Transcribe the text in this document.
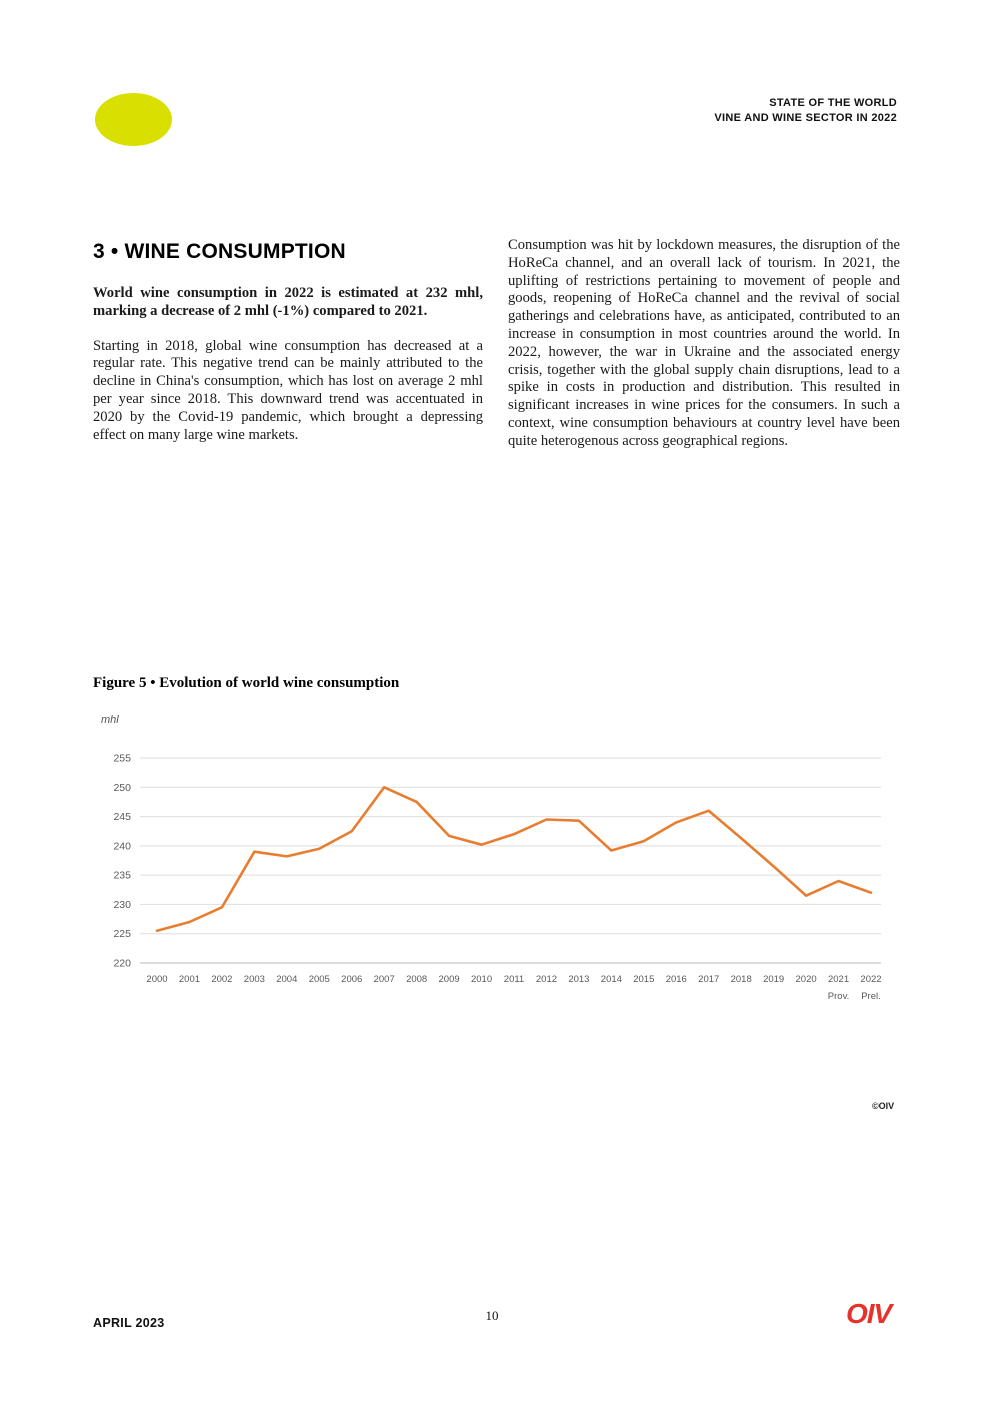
STATE OF THE WORLD
VINE AND WINE SECTOR IN 2022
3 • WINE CONSUMPTION

World wine consumption in 2022 is estimated at 232 mhl, marking a decrease of 2 mhl (-1%) compared to 2021.

Starting in 2018, global wine consumption has decreased at a regular rate. This negative trend can be mainly attributed to the decline in China's consumption, which has lost on average 2 mhl per year since 2018. This downward trend was accentuated in 2020 by the Covid-19 pandemic, which brought a depressing effect on many large wine markets.

Consumption was hit by lockdown measures, the disruption of the HoReCa channel, and an overall lack of tourism. In 2021, the uplifting of restrictions pertaining to movement of people and goods, reopening of HoReCa channel and the revival of social gatherings and celebrations have, as anticipated, contributed to an increase in consumption in most countries around the world. In 2022, however, the war in Ukraine and the associated energy crisis, together with the global supply chain disruptions, lead to a spike in costs in production and distribution. This resulted in significant increases in wine prices for the consumers. In such a context, wine consumption behaviours at country level have been quite heterogenous across geographical regions.

Figure 5 • Evolution of world wine consumption
mhl
220
225
230
235
240
245
250
255
2000 2001 2002 2003 2004 2005 2006 2007 2008 2009 2010 2011 2012 2013 2014 2015 2016 2017 2018 2019 2020 2021
Prov.
2022
Prel.
©OIV
APRIL 2023	10	OIV
